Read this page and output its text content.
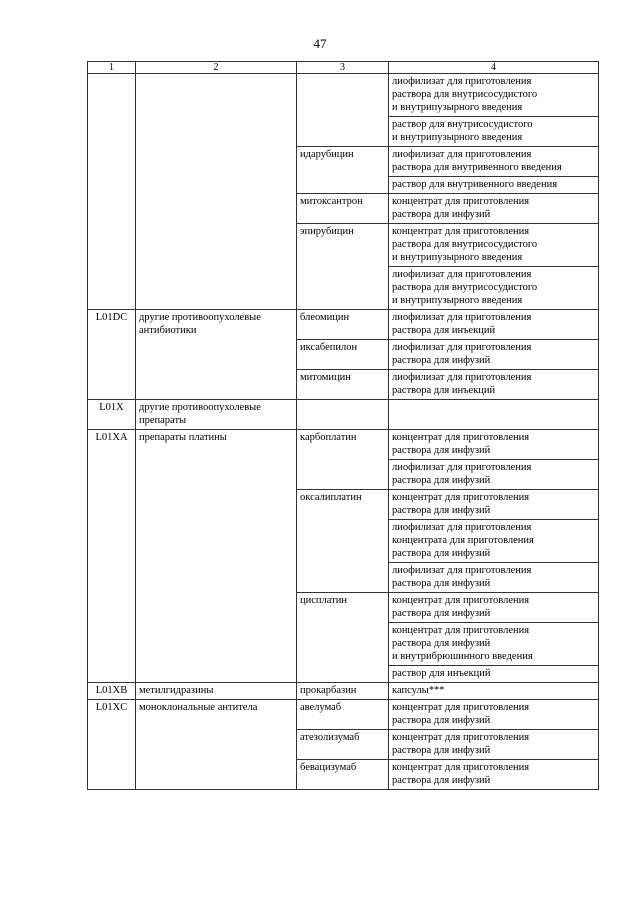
47
1	2	3	4
			лиофилизат для приготовления
раствора для внутрисосудистого
и внутрипузырного введения
			раствор для внутрисосудистого
и внутрипузырного введения
		идарубицин	лиофилизат для приготовления
раствора для внутривенного введения
			раствор для внутривенного введения
		митоксантрон	концентрат для приготовления
раствора для инфузий
		эпирубицин	концентрат для приготовления
раствора для внутрисосудистого
и внутрипузырного введения
			лиофилизат для приготовления
раствора для внутрисосудистого
и внутрипузырного введения
L01DC	другие противоопухолевые
антибиотики	блеомицин	лиофилизат для приготовления
раствора для инъекций
		иксабепилон	лиофилизат для приготовления
раствора для инфузий
		митомицин	лиофилизат для приготовления
раствора для инъекций
L01X	другие противоопухолевые
препараты		
L01XA	препараты платины	карбоплатин	концентрат для приготовления
раствора для инфузий
			лиофилизат для приготовления
раствора для инфузий
		оксалиплатин	концентрат для приготовления
раствора для инфузий
			лиофилизат для приготовления
концентрата для приготовления
раствора для инфузий
			лиофилизат для приготовления
раствора для инфузий
		цисплатин	концентрат для приготовления
раствора для инфузий
			концентрат для приготовления
раствора для инфузий
и внутрибрюшинного введения
			раствор для инъекций
L01XB	метилгидразины	прокарбазин	капсулы***
L01XC	моноклональные антитела	авелумаб	концентрат для приготовления
раствора для инфузий
		атезолизумаб	концентрат для приготовления
раствора для инфузий
		бевацизумаб	концентрат для приготовления
раствора для инфузий
